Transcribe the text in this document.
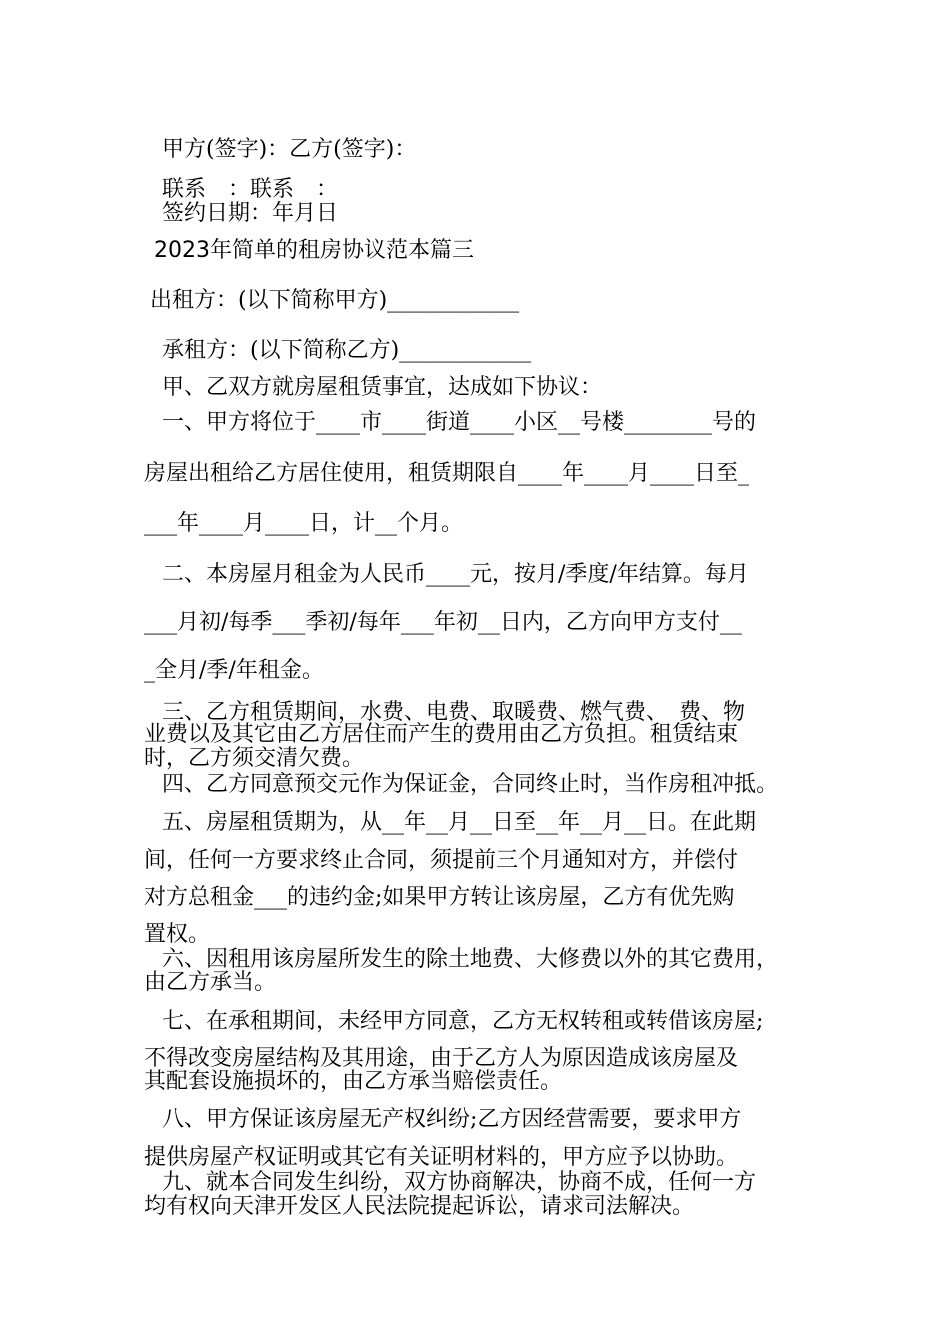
甲方(签字)：乙方(签字)：

联系　：联系　：

签约日期：年月日

2023年简单的租房协议范本篇三

出租方：(以下简称甲方)____________

承租方：(以下简称乙方)____________

甲、乙双方就房屋租赁事宜，达成如下协议：

一、甲方将位于____市____街道____小区__号楼________号的

房屋出租给乙方居住使用，租赁期限自____年____月____日至_

___年____月____日，计__个月。

二、本房屋月租金为人民币____元，按月/季度/年结算。每月

___月初/每季___季初/每年___年初__日内，乙方向甲方支付__

_全月/季/年租金。

三、乙方租赁期间，水费、电费、取暖费、燃气费、　费、物

业费以及其它由乙方居住而产生的费用由乙方负担。租赁结束

时，乙方须交清欠费。

四、乙方同意预交元作为保证金，合同终止时，当作房租冲抵。

五、房屋租赁期为，从__年__月__日至__年__月__日。在此期

间，任何一方要求终止合同，须提前三个月通知对方，并偿付

对方总租金___的违约金;如果甲方转让该房屋，乙方有优先购

置权。

六、因租用该房屋所发生的除土地费、大修费以外的其它费用，

由乙方承当。

七、在承租期间，未经甲方同意，乙方无权转租或转借该房屋;

不得改变房屋结构及其用途，由于乙方人为原因造成该房屋及

其配套设施损坏的，由乙方承当赔偿责任。

八、甲方保证该房屋无产权纠纷;乙方因经营需要，要求甲方

提供房屋产权证明或其它有关证明材料的，甲方应予以协助。

九、就本合同发生纠纷，双方协商解决，协商不成，任何一方

均有权向天津开发区人民法院提起诉讼，请求司法解决。
